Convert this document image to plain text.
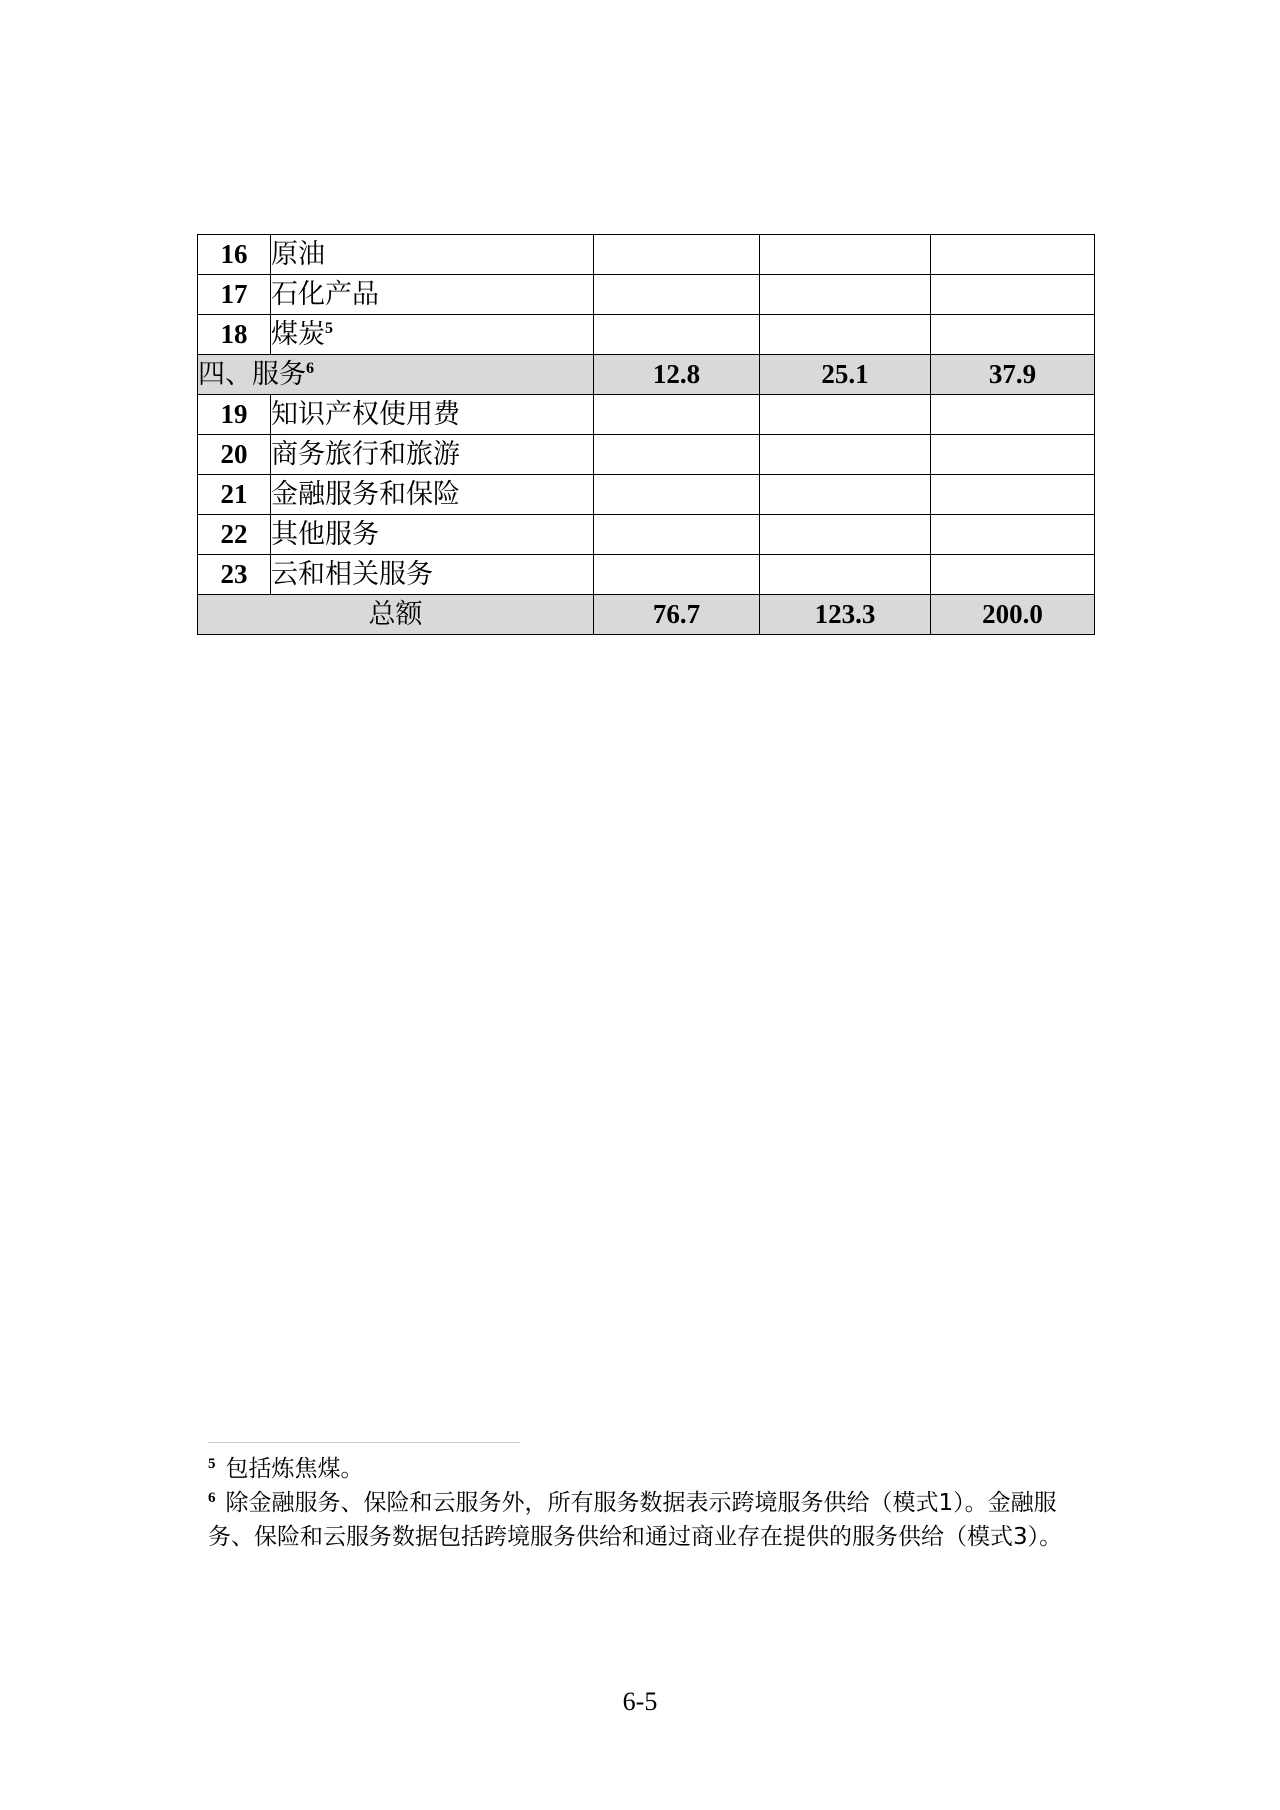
16	原油			
17	石化产品			
18	煤炭$^5$			
四、服务$^6$		12.8	25.1	37.9
19	知识产权使用费			
20	商务旅行和旅游			
21	金融服务和保险			
22	其他服务			
23	云和相关服务			
总额		76.7	123.3	200.0

$^5$ 包括炼焦煤。

$^6$ 除金融服务、保险和云服务外，所有服务数据表示跨境服务供给（模式1）。金融服务、保险和云服务数据包括跨境服务供给和通过商业存在提供的服务供给（模式3）。

6-5
